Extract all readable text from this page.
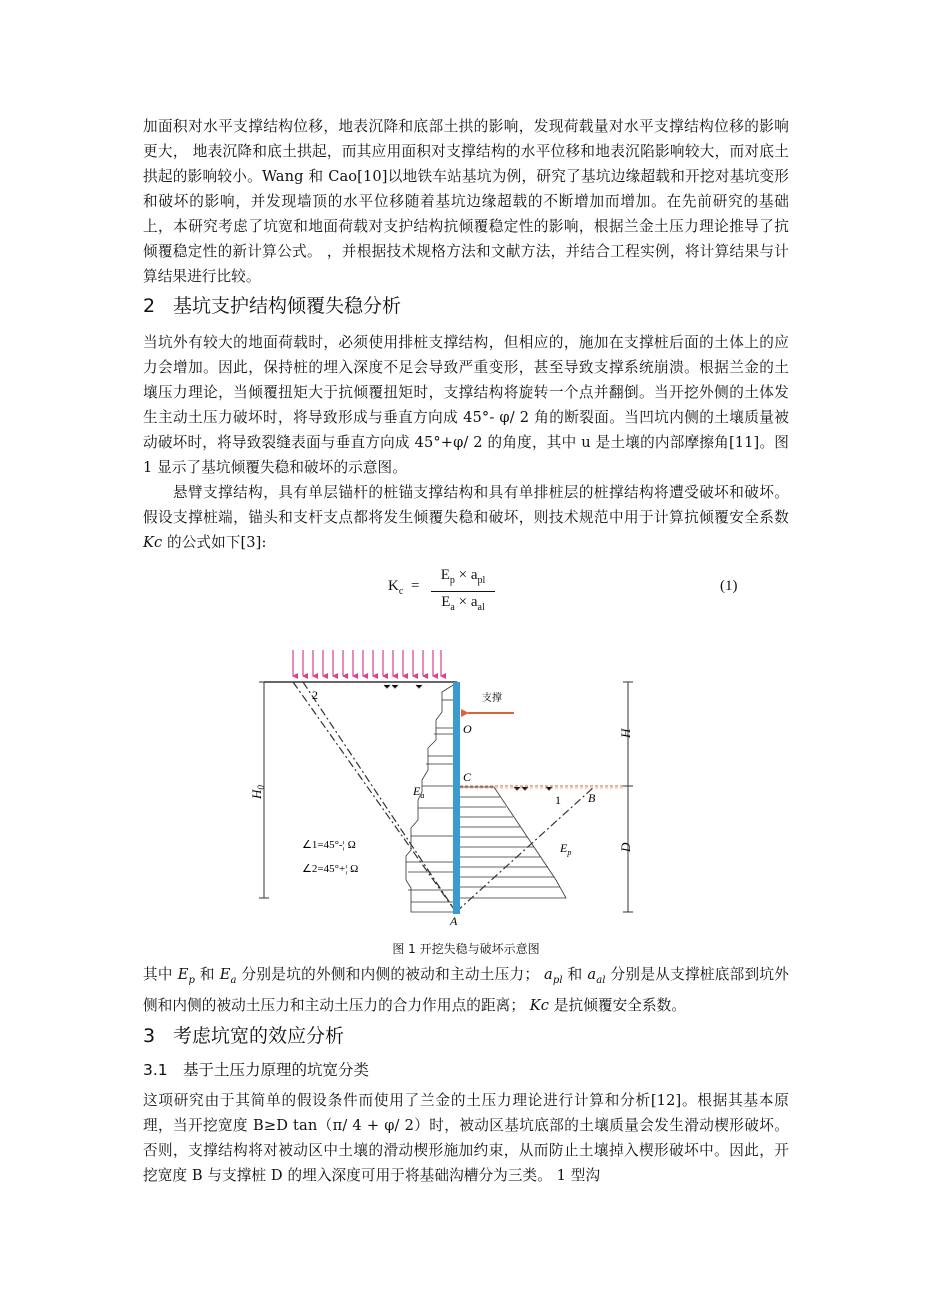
加面积对水平支撑结构位移，地表沉降和底部土拱的影响，发现荷载量对水平支撑结构位移的影响更大， 地表沉降和底土拱起，而其应用面积对支撑结构的水平位移和地表沉陷影响较大，而对底土拱起的影响较小。Wang 和 Cao[10]以地铁车站基坑为例，研究了基坑边缘超载和开挖对基坑变形和破坏的影响，并发现墙顶的水平位移随着基坑边缘超载的不断增加而增加。在先前研究的基础上，本研究考虑了坑宽和地面荷载对支护结构抗倾覆稳定性的影响，根据兰金土压力理论推导了抗倾覆稳定性的新计算公式。 ，并根据技术规格方法和文献方法，并结合工程实例，将计算结果与计算结果进行比较。

2 基坑支护结构倾覆失稳分析

当坑外有较大的地面荷载时，必须使用排桩支撑结构，但相应的，施加在支撑桩后面的土体上的应力会增加。因此，保持桩的埋入深度不足会导致严重变形，甚至导致支撑系统崩溃。根据兰金的土壤压力理论，当倾覆扭矩大于抗倾覆扭矩时，支撑结构将旋转一个点并翻倒。当开挖外侧的土体发生主动土压力破坏时，将导致形成与垂直方向成 45°- φ/ 2 角的断裂面。当凹坑内侧的土壤质量被动破坏时，将导致裂缝表面与垂直方向成 45°+φ/ 2 的角度，其中 u 是土壤的内部摩擦角[11]。图 1 显示了基坑倾覆失稳和破坏的示意图。

悬臂支撑结构，具有单层锚杆的桩锚支撑结构和具有单排桩层的桩撑结构将遭受破坏和破坏。 假设支撑桩端，锚头和支杆支点都将发生倾覆失稳和破坏，则技术规范中用于计算抗倾覆安全系数 Kc 的公式如下[3]:

$K_c$ =
$E_p \times a_{pl}$
$E_a \times a_{al}$
(1)
$H_0$
支撑
H
D
O
C
A
B
1
2
$E_a$
$E_p$
∠1=45°-¦ Ω
∠2=45°+¦ Ω
图 1 开挖失稳与破坏示意图

其中 $E_p$ 和 $E_a$ 分别是坑的外侧和内侧的被动和主动土压力； $a_{pl}$ 和 $a_{al}$ 分别是从支撑桩底部到坑外侧和内侧的被动土压力和主动土压力的合力作用点的距离； Kc 是抗倾覆安全系数。

3 考虑坑宽的效应分析

3.1 基于土压力原理的坑宽分类

这项研究由于其简单的假设条件而使用了兰金的土压力理论进行计算和分析[12]。根据其基本原理，当开挖宽度 B≥D tan（π/ 4 + φ/ 2）时，被动区基坑底部的土壤质量会发生滑动楔形破坏。否则，支撑结构将对被动区中土壤的滑动楔形施加约束，从而防止土壤掉入楔形破坏中。因此，开挖宽度 B 与支撑桩 D 的埋入深度可用于将基础沟槽分为三类。 1 型沟
